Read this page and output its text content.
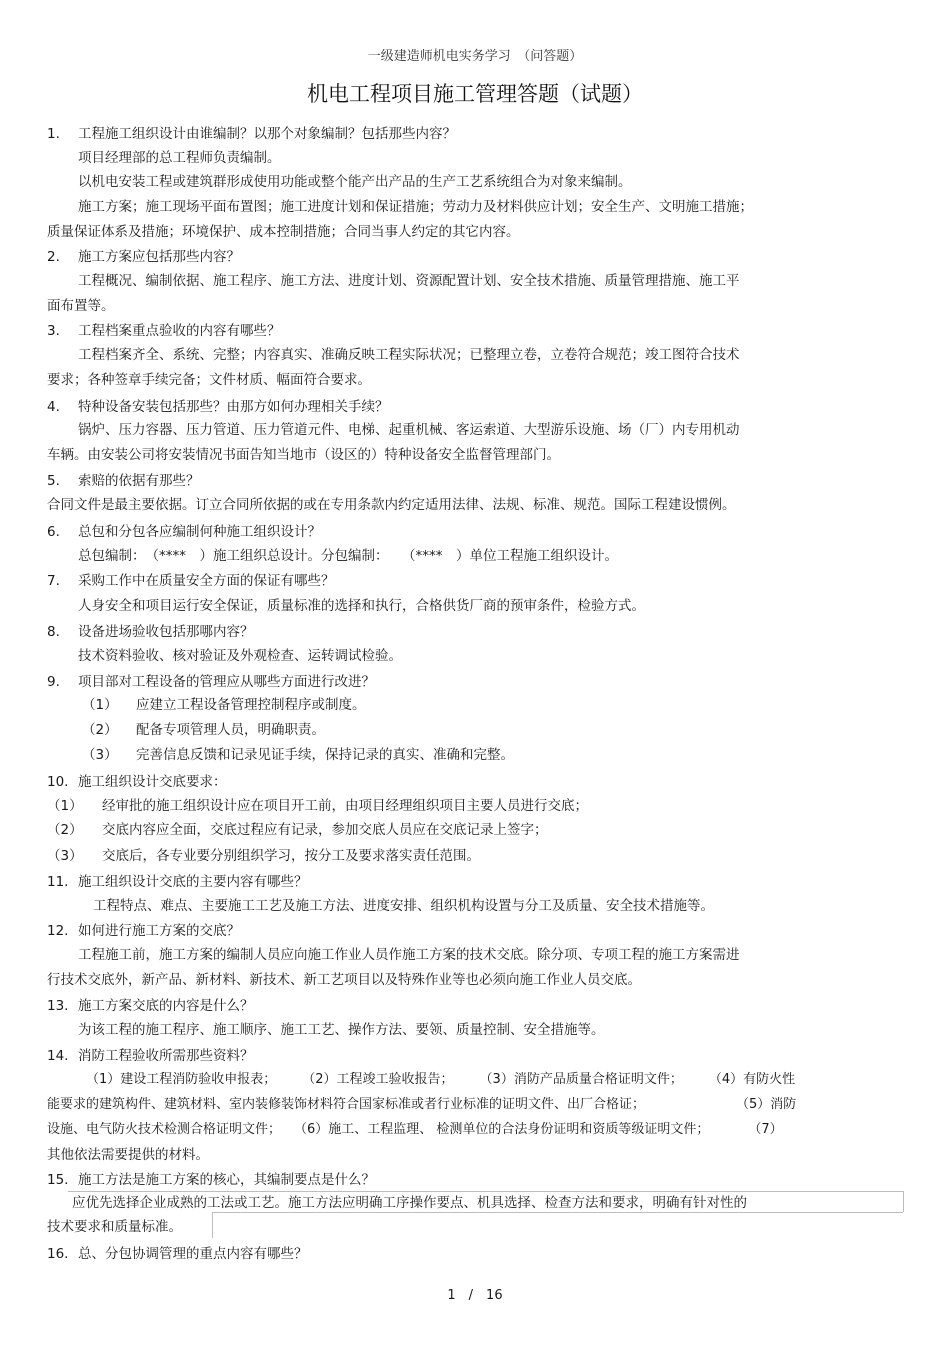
一级建造师机电实务学习　（问答题）
机电工程项目施工管理答题（试题）
1. 工程施工组织设计由谁编制？以那个对象编制？包括那些内容？
项目经理部的总工程师负责编制。
以机电安装工程或建筑群形成使用功能或整个能产出产品的生产工艺系统组合为对象来编制。
施工方案；施工现场平面布置图；施工进度计划和保证措施；劳动力及材料供应计划；安全生产、文明施工措施；
质量保证体系及措施；环境保护、成本控制措施；合同当事人约定的其它内容。
2. 施工方案应包括那些内容？
工程概况、编制依据、施工程序、施工方法、进度计划、资源配置计划、安全技术措施、质量管理措施、施工平
面布置等。
3. 工程档案重点验收的内容有哪些？
工程档案齐全、系统、完整；内容真实、准确反映工程实际状况；已整理立卷，立卷符合规范；竣工图符合技术
要求；各种签章手续完备；文件材质、幅面符合要求。
4. 特种设备安装包括那些？由那方如何办理相关手续？
锅炉、压力容器、压力管道、压力管道元件、电梯、起重机械、客运索道、大型游乐设施、场（厂）内专用机动
车辆。由安装公司将安装情况书面告知当地市（设区的）特种设备安全监督管理部门。
5. 索赔的依据有那些？
合同文件是最主要依据。订立合同所依据的或在专用条款内约定适用法律、法规、标准、规范。国际工程建设惯例。
6. 总包和分包各应编制何种施工组织设计？
总包编制：　（****　）施工组织总设计。分包编制：　　（****　）单位工程施工组织设计。
7. 采购工作中在质量安全方面的保证有哪些？
人身安全和项目运行安全保证，质量标准的选择和执行，合格供货厂商的预审条件，检验方式。
8. 设备进场验收包括那哪内容？
技术资料验收、核对验证及外观检查、运转调试检验。
9. 项目部对工程设备的管理应从哪些方面进行改进？
（1） 应建立工程设备管理控制程序或制度。
（2） 配备专项管理人员，明确职责。
（3） 完善信息反馈和记录见证手续，保持记录的真实、准确和完整。
10. 施工组织设计交底要求：
（1） 经审批的施工组织设计应在项目开工前，由项目经理组织项目主要人员进行交底；
（2） 交底内容应全面，交底过程应有记录，参加交底人员应在交底记录上签字；
（3） 交底后，各专业要分别组织学习，按分工及要求落实责任范围。
11. 施工组织设计交底的主要内容有哪些？
工程特点、难点、主要施工工艺及施工方法、进度安排、组织机构设置与分工及质量、安全技术措施等。
12. 如何进行施工方案的交底？
工程施工前，施工方案的编制人员应向施工作业人员作施工方案的技术交底。除分项、专项工程的施工方案需进
行技术交底外，新产品、新材料、新技术、新工艺项目以及特殊作业等也必须向施工作业人员交底。
13. 施工方案交底的内容是什么？
为该工程的施工程序、施工顺序、施工工艺、操作方法、要领、质量控制、安全措施等。
14. 消防工程验收所需那些资料？
（1）建设工程消防验收申报表；　　　（2）工程竣工验收报告；　　　（3）消防产品质量合格证明文件；　　　（4）有防火性
能要求的建筑构件、建筑材料、室内装修装饰材料符合国家标准或者行业标准的证明文件、出厂合格证；　　　　　　　　（5）消防
设施、电气防火技术检测合格证明文件；　　（6）施工、工程监理、 检测单位的合法身份证明和资质等级证明文件；　　　　（7）
其他依法需要提供的材料。
15. 施工方法是施工方案的核心，其编制要点是什么？
应优先选择企业成熟的工法或工艺。施工方法应明确工序操作要点、机具选择、检查方法和要求，明确有针对性的
技术要求和质量标准。
16. 总、分包协调管理的重点内容有哪些？
1　/　16
